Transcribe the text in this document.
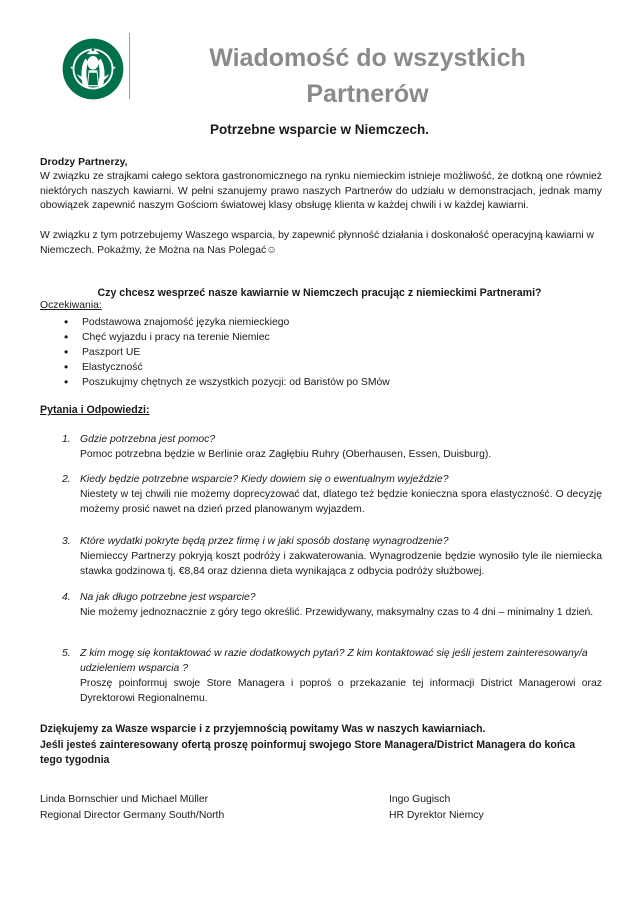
Wiadomość do wszystkich
Partnerów
Potrzebne wsparcie w Niemczech.
Drodzy Partnerzy,
W związku ze strajkami całego sektora gastronomicznego na rynku niemieckim istnieje możliwość, że dotkną one również niektórych naszych kawiarni. W pełni szanujemy prawo naszych Partnerów do udziału w demonstracjach, jednak mamy obowiązek zapewnić naszym Gościom światowej klasy obsługę klienta w każdej chwili i w każdej kawiarni.
W związku z tym potrzebujemy Waszego wsparcia, by zapewnić płynność działania i doskonałość operacyjną kawiarni w Niemczech. Pokażmy, że Można na Nas Polegać☺
Czy chcesz wesprzeć nasze kawiarnie w Niemczech pracując z niemieckimi Partnerami?
Oczekiwania:
• Podstawowa znajomość języka niemieckiego
• Chęć wyjazdu i pracy na terenie Niemiec
• Paszport UE
• Elastyczność
• Poszukujmy chętnych ze wszystkich pozycji: od Baristów po SMów
Pytania i Odpowiedzi:
1. Gdzie potrzebna jest pomoc?
Pomoc potrzebna będzie w Berlinie oraz Zagłębiu Ruhry (Oberhausen, Essen, Duisburg).
2. Kiedy będzie potrzebne wsparcie? Kiedy dowiem się o ewentualnym wyjeździe?
Niestety w tej chwili nie możemy doprecyzować dat, dlatego też będzie konieczna spora elastyczność. O decyzję możemy prosić nawet na dzień przed planowanym wyjazdem.
3. Które wydatki pokryte będą przez firmę i w jaki sposób dostanę wynagrodzenie?
Niemieccy Partnerzy pokryją koszt podróży i zakwaterowania. Wynagrodzenie będzie wynosiło tyle ile niemiecka stawka godzinowa tj. €8,84 oraz dzienna dieta wynikająca z odbycia podróży służbowej.
4. Na jak długo potrzebne jest wsparcie?
Nie możemy jednoznacznie z góry tego określić. Przewidywany, maksymalny czas to 4 dni – minimalny 1 dzień.
5. Z kim mogę się kontaktować w razie dodatkowych pytań? Z kim kontaktować się jeśli jestem zainteresowany/a udzieleniem wsparcia ?
Proszę poinformuj swoje Store Managera i poproś o przekazanie tej informacji District Managerowi oraz Dyrektorowi Regionalnemu.
Dziękujemy za Wasze wsparcie i z przyjemnością powitamy Was w naszych kawiarniach.
Jeśli jesteś zainteresowany ofertą proszę poinformuj swojego Store Managera/District Managera do końca tego tygodnia
Linda Bornschier und Michael Müller
Regional Director Germany South/North
Ingo Gugisch
HR Dyrektor Niemcy
